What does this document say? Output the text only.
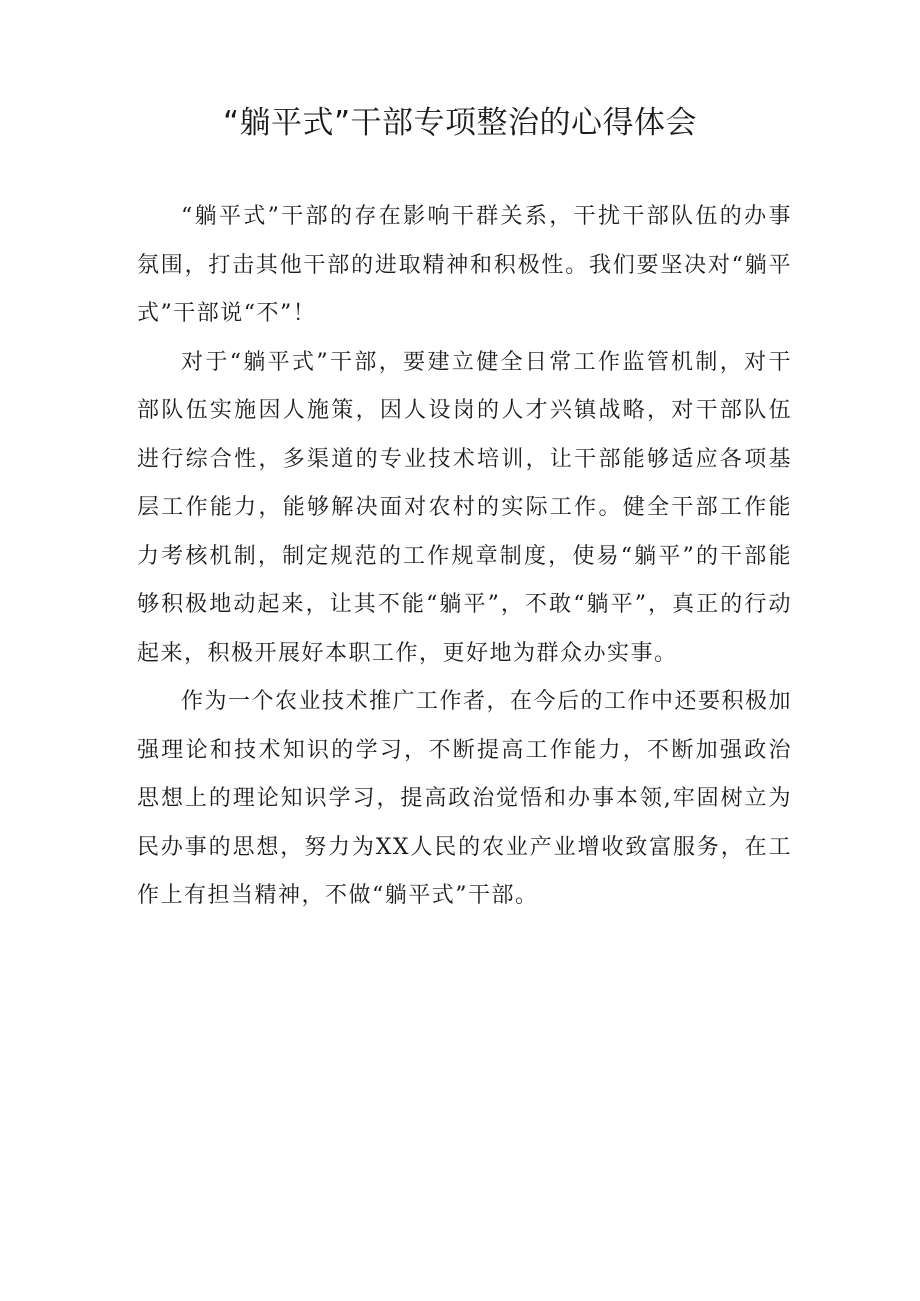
“躺平式”干部专项整治的心得体会

“躺平式”干部的存在影响干群关系，干扰干部队伍的办事氛围，打击其他干部的进取精神和积极性。我们要坚决对“躺平式”干部说“不”！

对于“躺平式”干部，要建立健全日常工作监管机制，对干部队伍实施因人施策，因人设岗的人才兴镇战略，对干部队伍进行综合性，多渠道的专业技术培训，让干部能够适应各项基层工作能力，能够解决面对农村的实际工作。健全干部工作能力考核机制，制定规范的工作规章制度，使易“躺平”的干部能够积极地动起来，让其不能“躺平”，不敢“躺平”，真正的行动起来，积极开展好本职工作，更好地为群众办实事。

作为一个农业技术推广工作者，在今后的工作中还要积极加强理论和技术知识的学习，不断提高工作能力，不断加强政治思想上的理论知识学习，提高政治觉悟和办事本领,牢固树立为民办事的思想，努力为XX人民的农业产业增收致富服务，在工作上有担当精神，不做“躺平式”干部。
